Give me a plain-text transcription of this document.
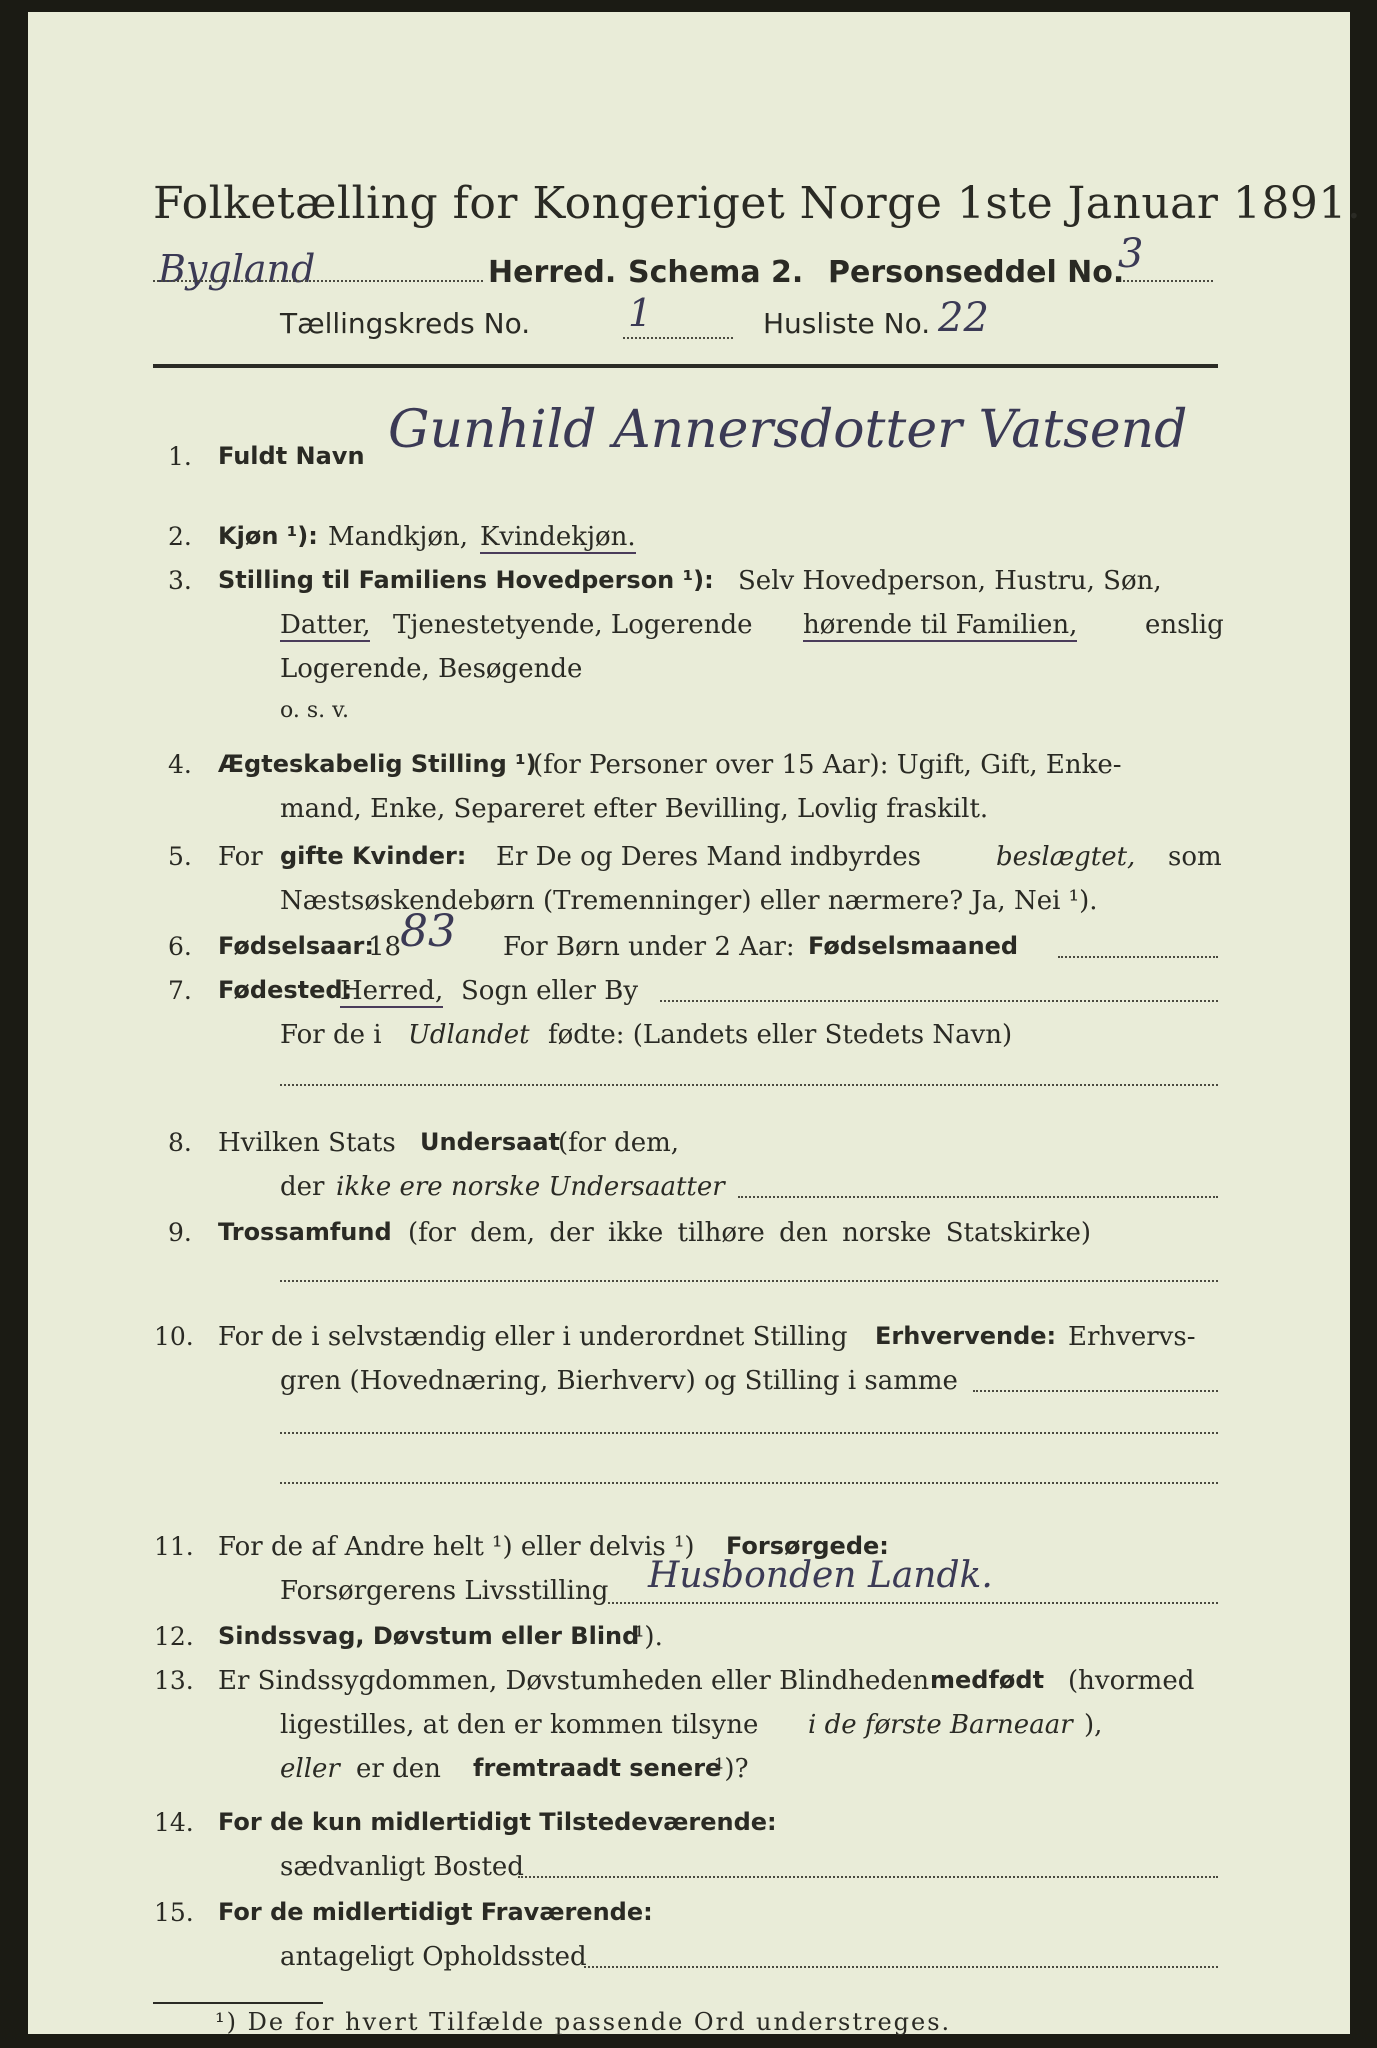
Folketælling for Kongeriget Norge 1ste Januar 1891.
Bygland	Herred. Schema 2. Personseddel No.
3
Tællingskreds No.	1	Husliste No. 22
1. Fuldt Navn Gunhild Annersdotter Vatsend
2. Kjøn ¹): Mandkjøn, Kvindekjøn.
3. Stilling til Familiens Hovedperson ¹): Selv Hovedperson, Hustru, Søn,
Datter, Tjenestetyende, Logerende hørende til Familien,	enslig
Logerende, Besøgende
o. s. v.
4. Ægteskabelig Stilling ¹)
(for Personer over 15 Aar): Ugift, Gift, Enke-
mand, Enke, Separeret efter Bevilling, Lovlig fraskilt.
5. For gifte Kvinder: Er De og Deres Mand indbyrdes	beslægtet, som
Næstsøskendebørn (Tremenninger) eller nærmere? Ja, Nei ¹).
6. Fødselsaar:
18
83 For Børn under 2 Aar: Fødselsmaaned
7. Fødested:
Herred, Sogn eller By
For de i Udlandet fødte: (Landets eller Stedets Navn)
8. Hvilken Stats Undersaat
(for dem,
der ikke ere norske Undersaatter
9. Trossamfund (for dem, der ikke tilhøre den norske Statskirke)
10. For de i selvstændig eller i underordnet Stilling Erhvervende: Erhvervs-
gren (Hovednæring, Bierhverv) og Stilling i samme
11. For de af Andre helt ¹) eller delvis ¹) Forsørgede:
Forsørgerens Livsstilling Husbonden Landk.
12. Sindssvag, Døvstum eller Blind
¹).
13. Er Sindssygdommen, Døvstumheden eller Blindheden medfødt (hvormed
ligestilles, at den er kommen tilsyne i de første Barneaar ),
eller er den fremtraadt senere
¹)?
14. For de kun midlertidigt Tilstedeværende:
sædvanligt Bosted
15. For de midlertidigt Fraværende:
antageligt Opholdssted
¹) De for hvert Tilfælde passende Ord understreges.
